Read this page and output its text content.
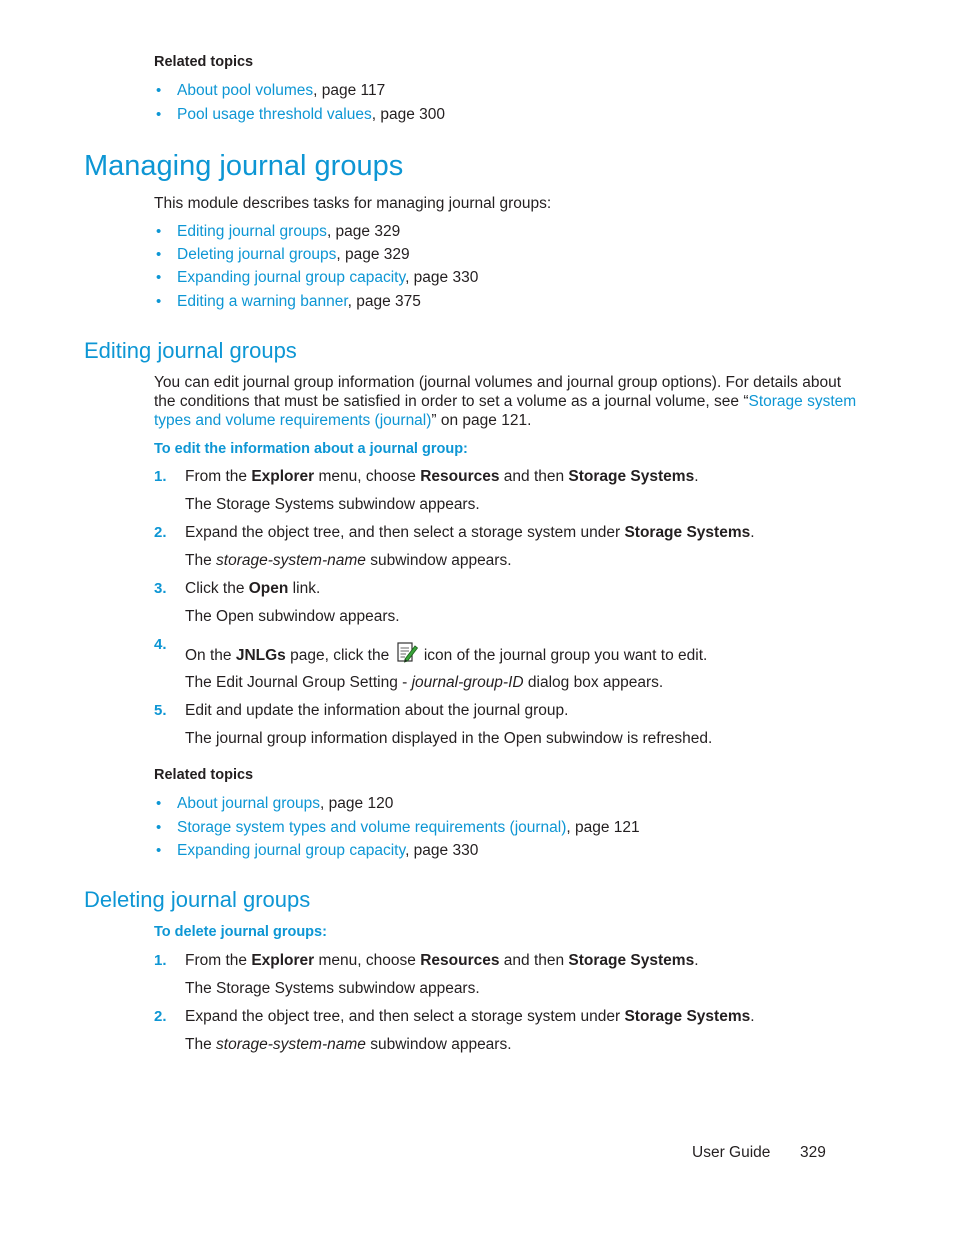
Related topics
• About pool volumes, page 117
• Pool usage threshold values, page 300
Managing journal groups
This module describes tasks for managing journal groups:
• Editing journal groups, page 329
• Deleting journal groups, page 329
• Expanding journal group capacity, page 330
• Editing a warning banner, page 375
Editing journal groups
You can edit journal group information (journal volumes and journal group options). For details about
the conditions that must be satisfied in order to set a volume as a journal volume, see “Storage system
types and volume requirements (journal)” on page 121.
To edit the information about a journal group:
1. From the Explorer menu, choose Resources and then Storage Systems.
The Storage Systems subwindow appears.
2. Expand the object tree, and then select a storage system under Storage Systems.
The storage-system-name subwindow appears.
3. Click the Open link.
The Open subwindow appears.
4.
On the JNLGs page, click the  icon of the journal group you want to edit.
The Edit Journal Group Setting - journal-group-ID dialog box appears.
5. Edit and update the information about the journal group.
The journal group information displayed in the Open subwindow is refreshed.
Related topics
• About journal groups, page 120
• Storage system types and volume requirements (journal), page 121
• Expanding journal group capacity, page 330
Deleting journal groups
To delete journal groups:
1. From the Explorer menu, choose Resources and then Storage Systems.
The Storage Systems subwindow appears.
2. Expand the object tree, and then select a storage system under Storage Systems.
The storage-system-name subwindow appears.
User Guide 329
